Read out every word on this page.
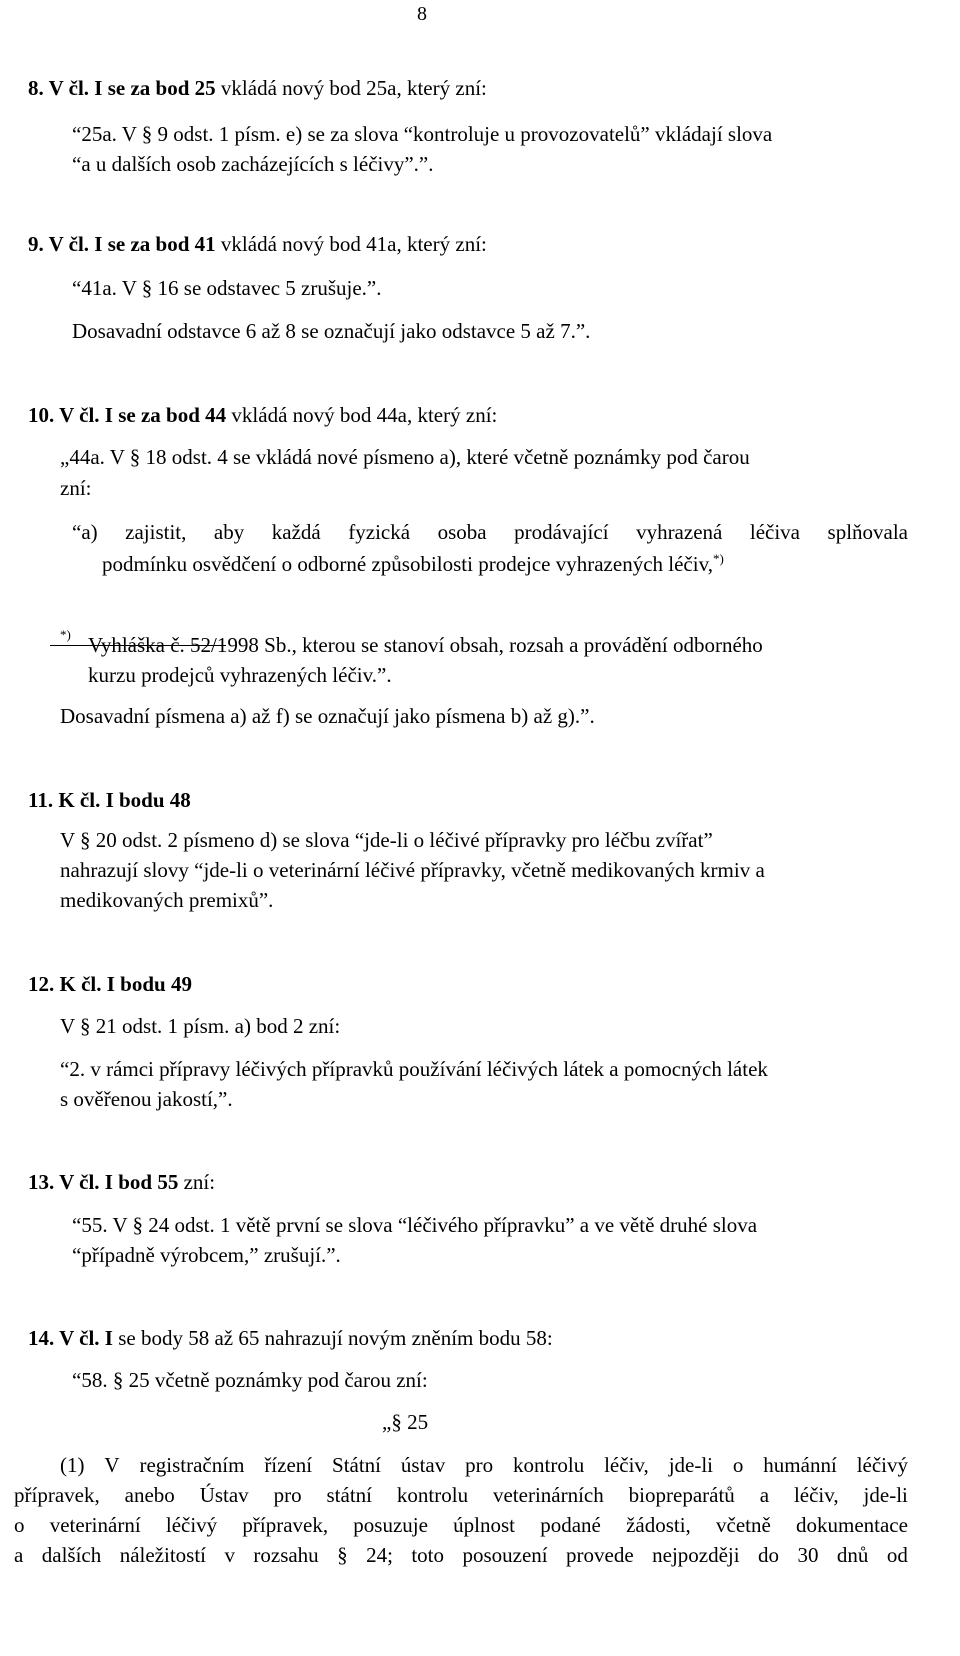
8
8. V čl. I se za bod 25 vkládá nový bod 25a, který zní:
“25a. V § 9 odst. 1 písm. e) se za slova “kontroluje u provozovatelů” vkládají slova
“a u dalších osob zacházejících s léčivy”.”.
9. V čl. I se za bod 41 vkládá nový bod 41a, který zní:
“41a. V § 16 se odstavec 5 zrušuje.”.
Dosavadní odstavce 6 až 8 se označují jako odstavce 5 až 7.”.
10. V čl. I se za bod 44 vkládá nový bod 44a, který zní:
„44a. V § 18 odst. 4 se vkládá nové písmeno a), které včetně poznámky pod čarou
zní:
“a) zajistit, aby každá fyzická osoba prodávající vyhrazená léčiva splňovala
podmínku osvědčení o odborné způsobilosti prodejce vyhrazených léčiv,*)
*) Vyhláška č. 52/1998 Sb., kterou se stanoví obsah, rozsah a provádění odborného
kurzu prodejců vyhrazených léčiv.”.
Dosavadní písmena a) až f) se označují jako písmena b) až g).”.
11. K čl. I bodu 48
V § 20 odst. 2 písmeno d) se slova “jde-li o léčivé přípravky pro léčbu zvířat”
nahrazují slovy “jde-li o veterinární léčivé přípravky, včetně medikovaných krmiv a
medikovaných premixů”.
12. K čl. I bodu 49
V § 21 odst. 1 písm. a) bod 2 zní:
“2. v rámci přípravy léčivých přípravků používání léčivých látek a pomocných látek
s ověřenou jakostí,”.
13. V čl. I bod 55 zní:
“55. V § 24 odst. 1 větě první se slova “léčivého přípravku” a ve větě druhé slova
“případně výrobcem,” zrušují.”.
14. V čl. I se body 58 až 65 nahrazují novým zněním bodu 58:
“58. § 25 včetně poznámky pod čarou zní:
„§ 25
(1) V registračním řízení Státní ústav pro kontrolu léčiv, jde-li o humánní léčivý
přípravek, anebo Ústav pro státní kontrolu veterinárních biopreparátů a léčiv, jde-li
o veterinární léčivý přípravek, posuzuje úplnost podané žádosti, včetně dokumentace
a dalších náležitostí v rozsahu § 24; toto posouzení provede nejpozději do 30 dnů od
